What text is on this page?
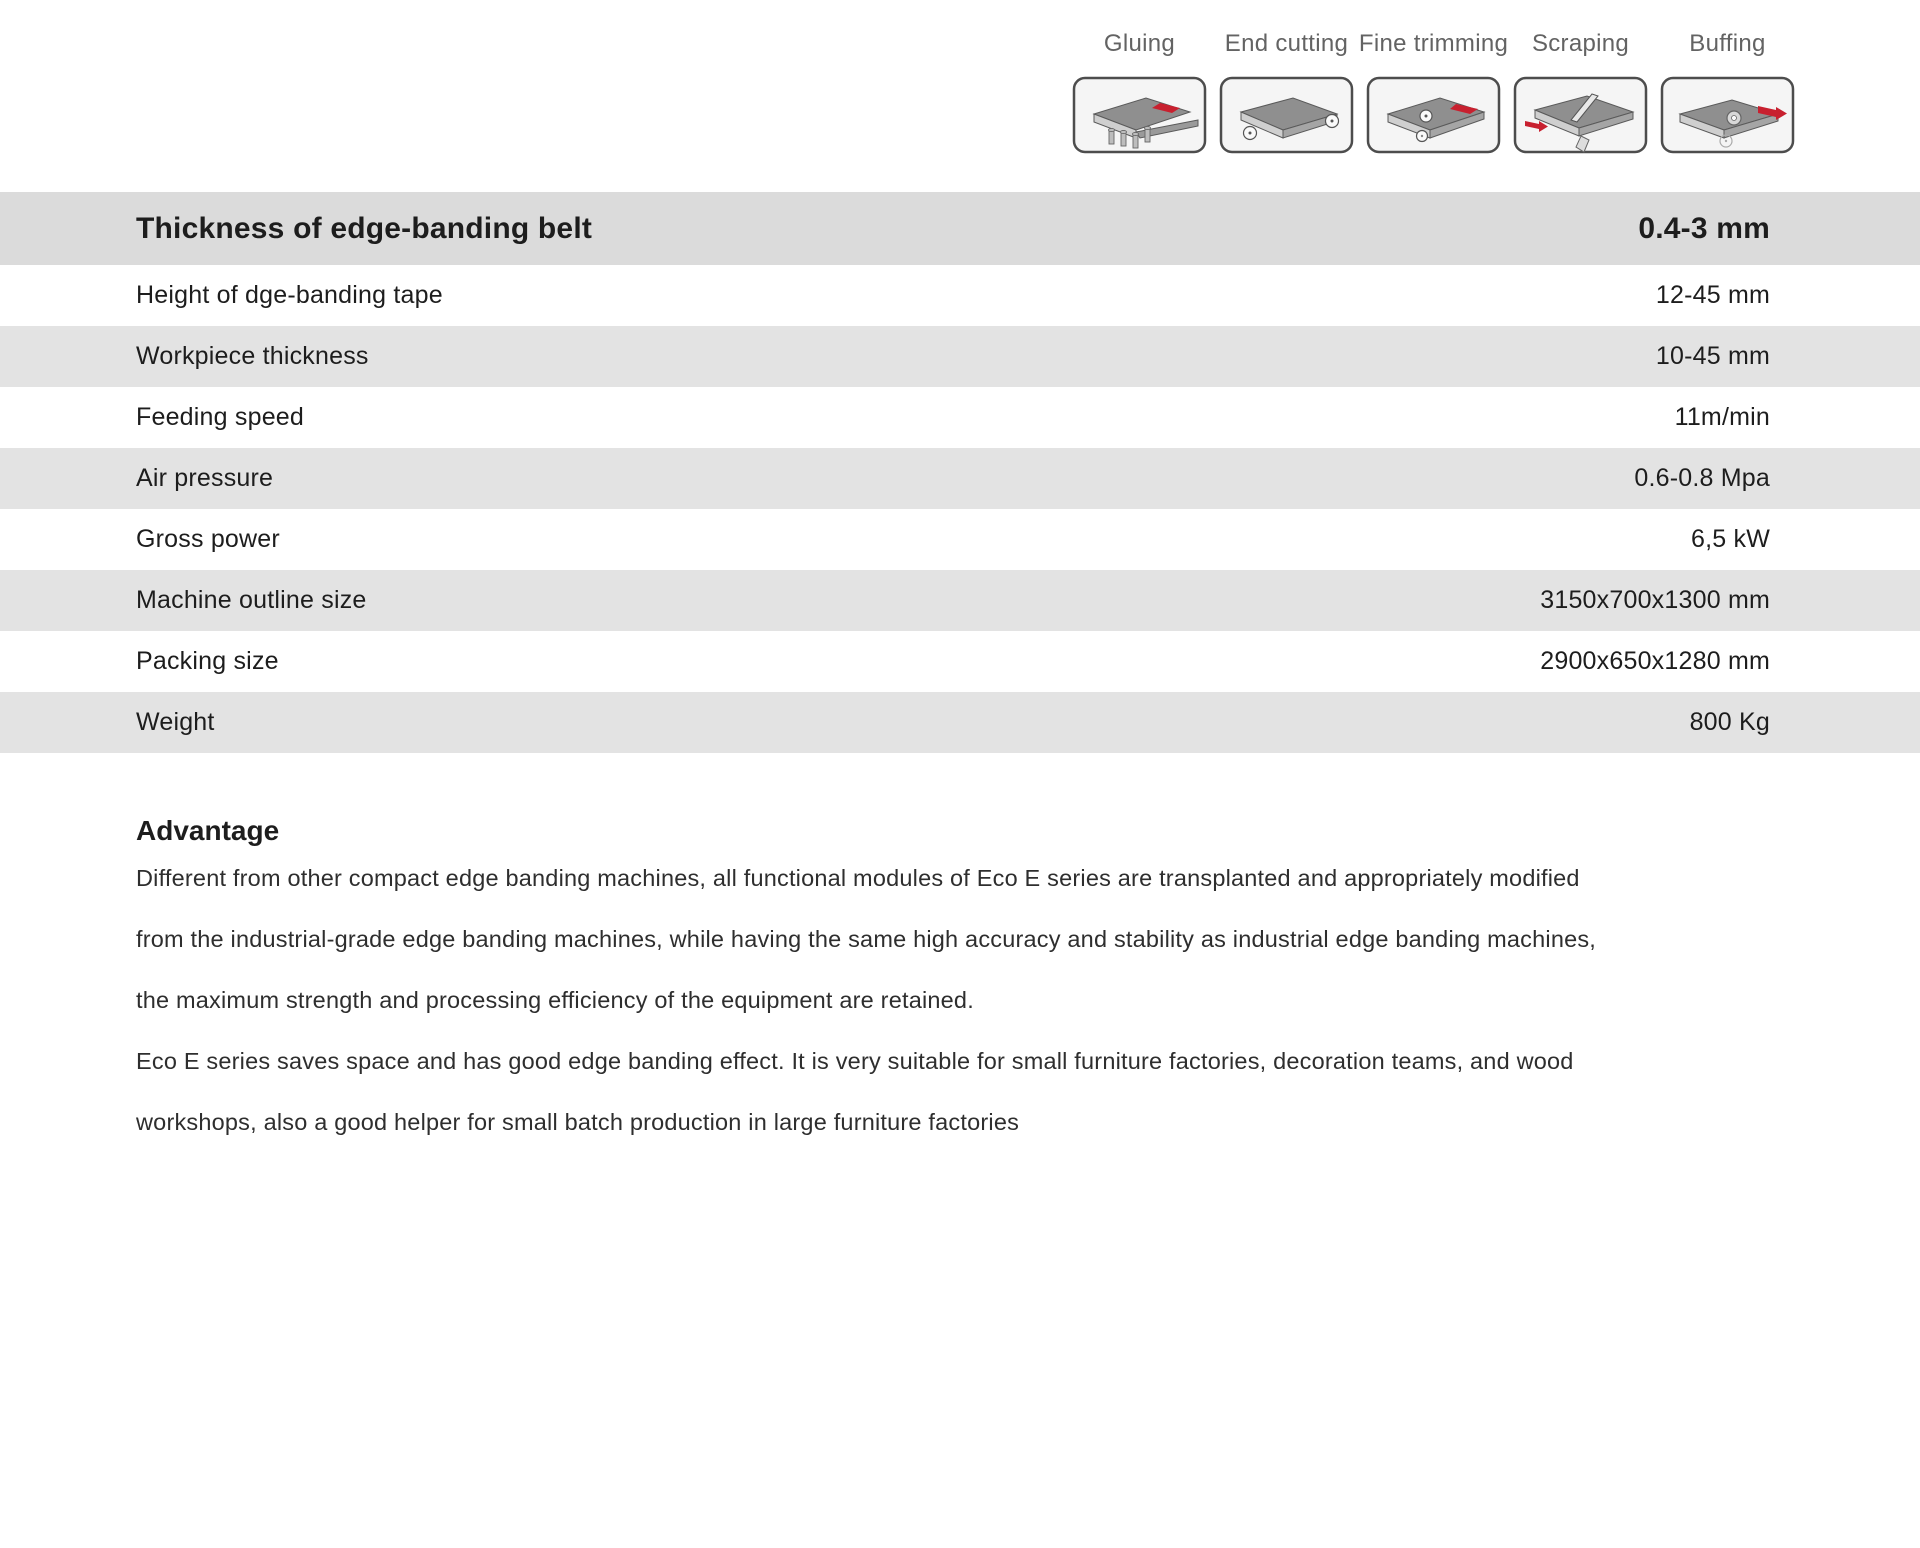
Gluing End cutting Fine trimming Scraping	Buffing
Thickness of edge-banding belt	0.4-3 mm
Height of dge-banding tape	12-45 mm
Workpiece thickness	10-45 mm
Feeding speed	11m/min
Air pressure	0.6-0.8 Mpa
Gross power	6,5 kW
Machine outline size	3150x700x1300 mm
Packing size	2900x650x1280 mm
Weight	800 Kg
Advantage
Different from other compact edge banding machines, all functional modules of Eco E series are transplanted and appropriately modified
from the industrial-grade edge banding machines, while having the same high accuracy and stability as industrial edge banding machines,
the maximum strength and processing efficiency of the equipment are retained.
Eco E series saves space and has good edge banding effect. It is very suitable for small furniture factories, decoration teams, and wood
workshops, also a good helper for small batch production in large furniture factories
